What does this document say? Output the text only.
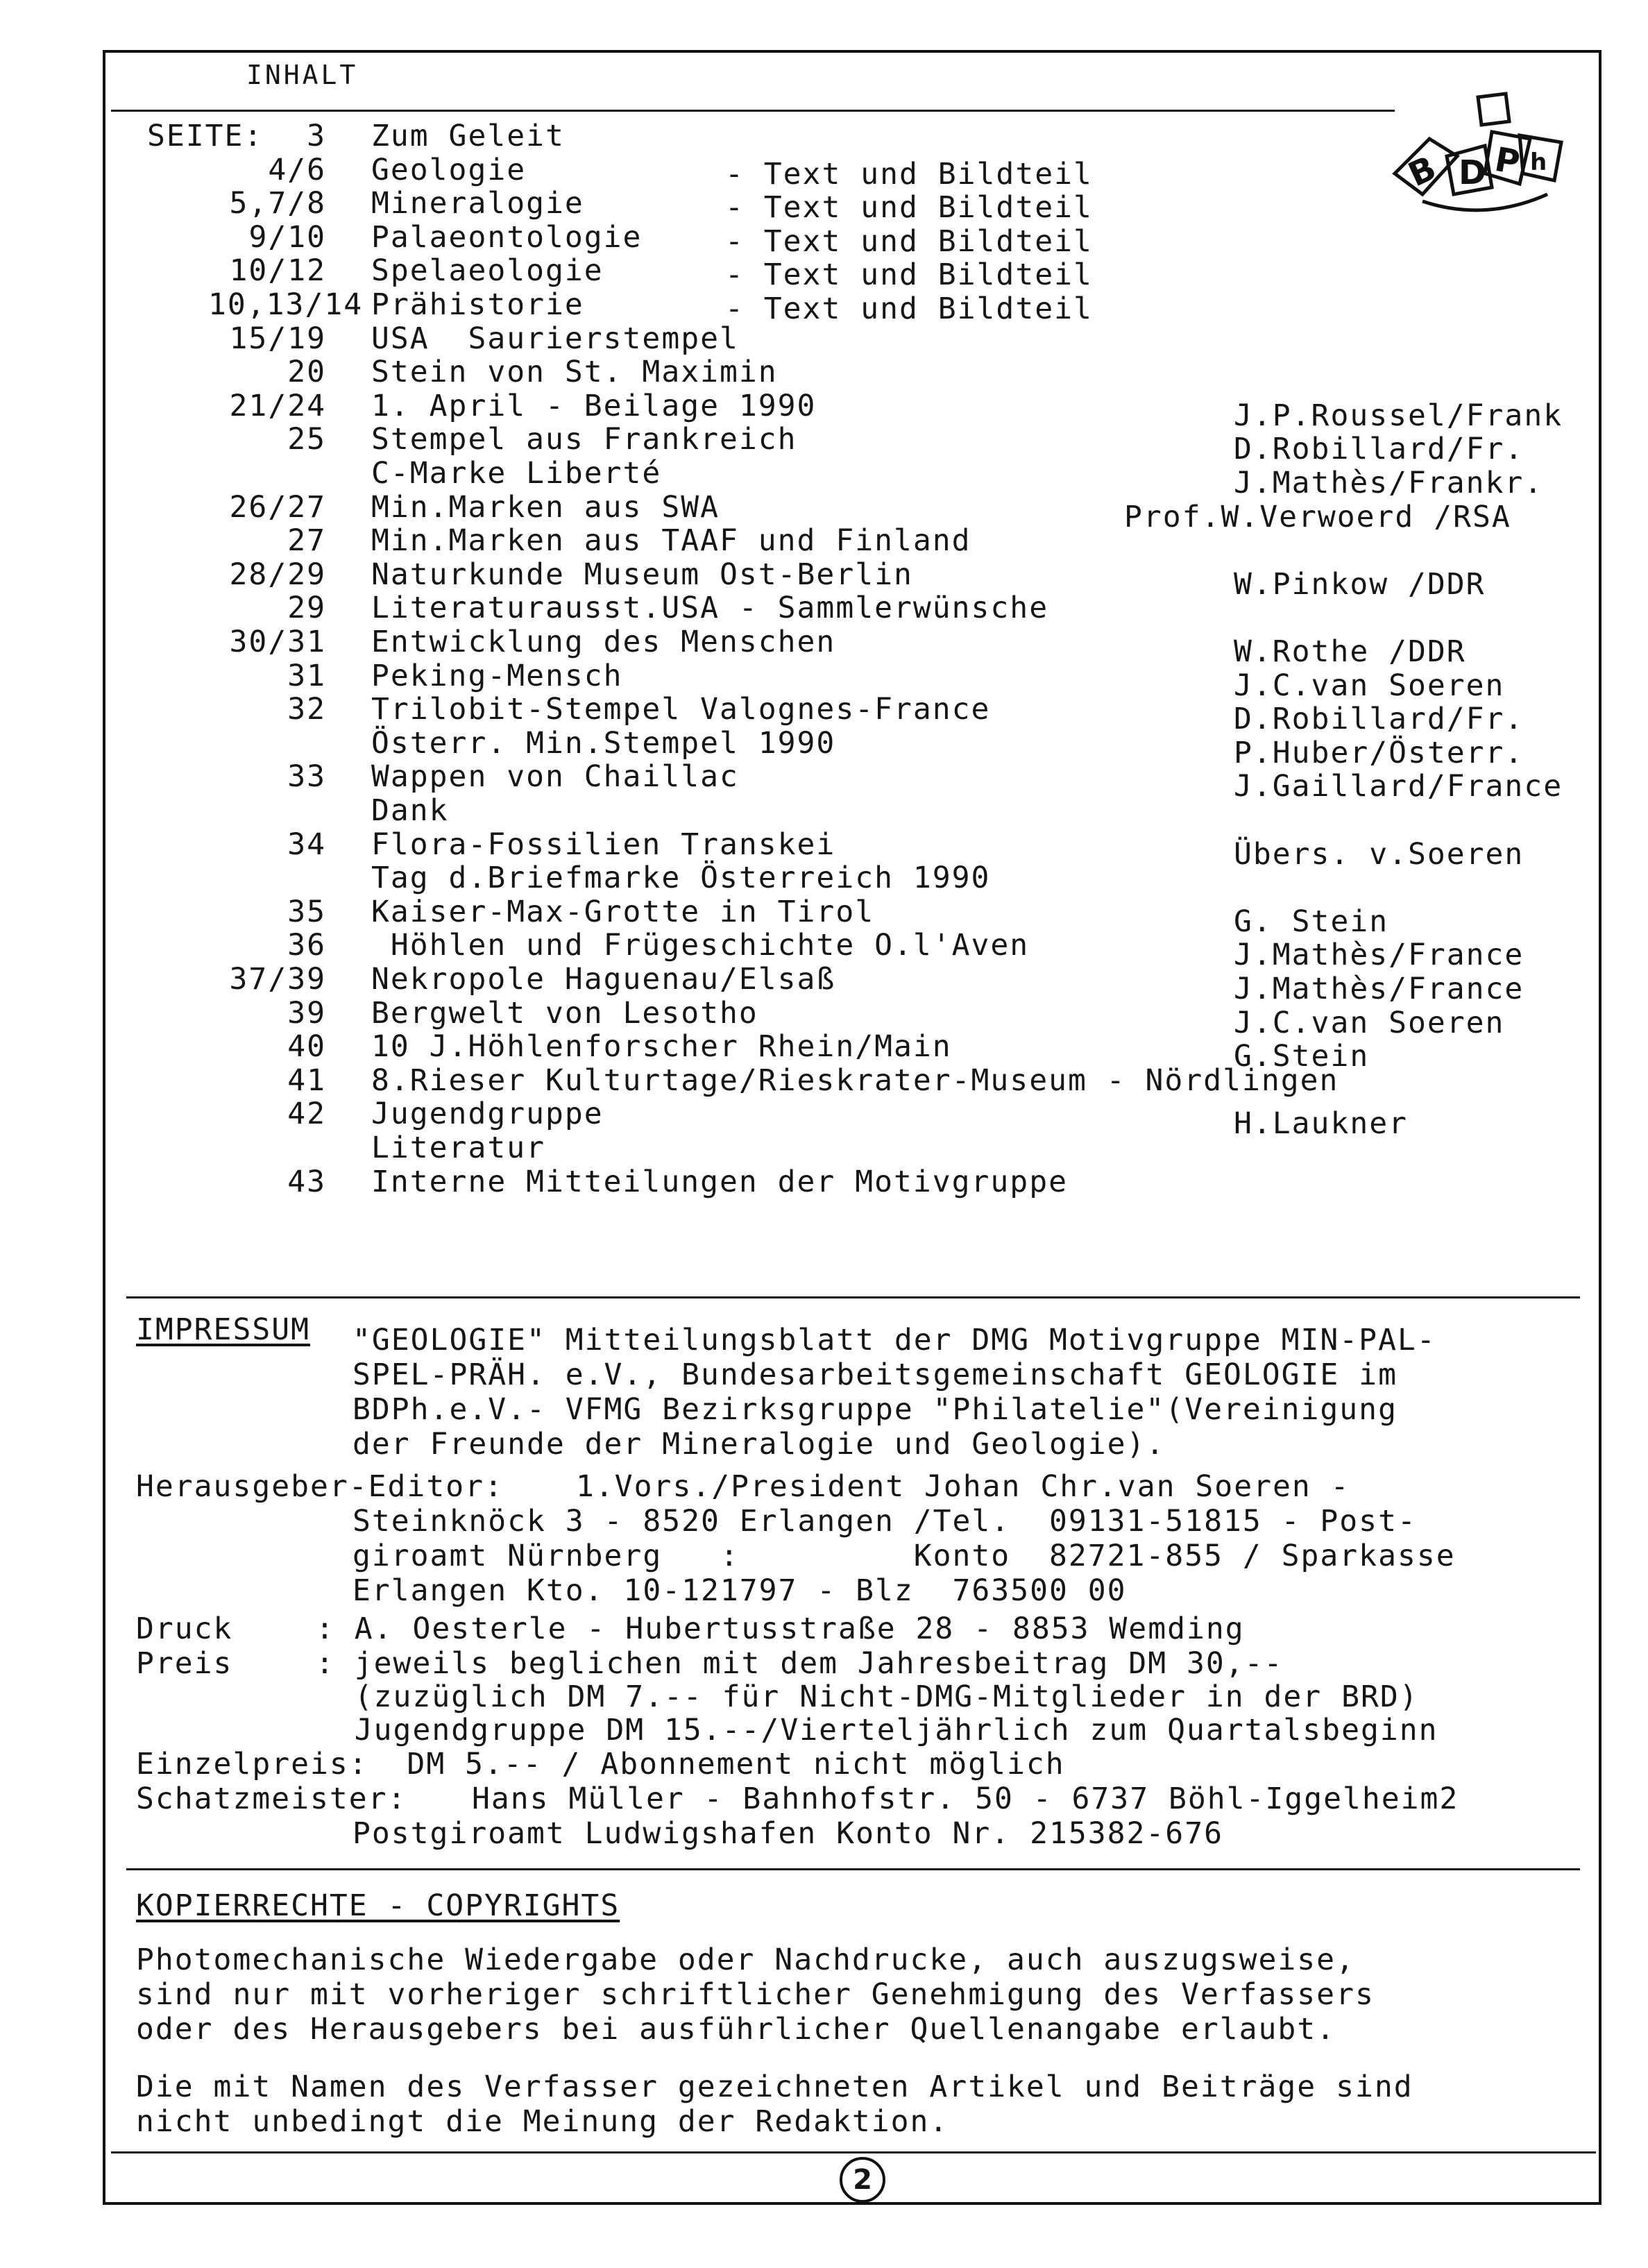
INHALT
B D P h
SEITE:	3 Zum Geleit
4/6 Geologie	- Text und Bildteil
5,7/8 Mineralogie	- Text und Bildteil
9/10 Palaeontologie	- Text und Bildteil
10/12 Spelaeologie	- Text und Bildteil
10,13/14 Prähistorie	- Text und Bildteil
15/19 USA  Saurierstempel
20 Stein von St. Maximin
21/24 1. April - Beilage 1990	J.P.Roussel/Frank
25 Stempel aus Frankreich	D.Robillard/Fr.
C-Marke Liberté	J.Mathès/Frankr.
26/27 Min.Marken aus SWA	Prof.W.Verwoerd /RSA
27 Min.Marken aus TAAF und Finland
28/29 Naturkunde Museum Ost-Berlin	W.Pinkow /DDR
29 Literaturausst.USA - Sammlerwünsche
30/31 Entwicklung des Menschen	W.Rothe /DDR
31 Peking-Mensch	J.C.van Soeren
32 Trilobit-Stempel Valognes-France	D.Robillard/Fr.
Österr. Min.Stempel 1990	P.Huber/Österr.
33 Wappen von Chaillac	J.Gaillard/France
Dank
34 Flora-Fossilien Transkei	Übers. v.Soeren
Tag d.Briefmarke Österreich 1990
35 Kaiser-Max-Grotte in Tirol	G. Stein
36 Höhlen und Frügeschichte O.l'Aven	J.Mathès/France
37/39 Nekropole Haguenau/Elsaß	J.Mathès/France
39 Bergwelt von Lesotho	J.C.van Soeren
40 10 J.Höhlenforscher Rhein/Main	G.Stein
41 8.Rieser Kulturtage/Rieskrater-Museum - Nördlingen
42 Jugendgruppe	H.Laukner
Literatur
43 Interne Mitteilungen der Motivgruppe
IMPRESSUM "GEOLOGIE" Mitteilungsblatt der DMG Motivgruppe MIN-PAL-
SPEL-PRÄH. e.V., Bundesarbeitsgemeinschaft GEOLOGIE im
BDPh.e.V.- VFMG Bezirksgruppe "Philatelie"(Vereinigung
der Freunde der Mineralogie und Geologie).
Herausgeber-Editor: 1.Vors./President Johan Chr.van Soeren -
Steinknöck 3 - 8520 Erlangen /Tel.  09131-51815 - Post-
giroamt Nürnberg   :         Konto  82721-855 / Sparkasse
Erlangen Kto. 10-121797 - Blz  763500 00
Druck	: A. Oesterle - Hubertusstraße 28 - 8853 Wemding
Preis	: jeweils beglichen mit dem Jahresbeitrag DM 30,--
(zuzüglich DM 7.-- für Nicht-DMG-Mitglieder in der BRD)
Jugendgruppe DM 15.--/Vierteljährlich zum Quartalsbeginn
Einzelpreis:  DM 5.-- / Abonnement nicht möglich
Schatzmeister: Hans Müller - Bahnhofstr. 50 - 6737 Böhl-Iggelheim2
Postgiroamt Ludwigshafen Konto Nr. 215382-676
KOPIERRECHTE - COPYRIGHTS
Photomechanische Wiedergabe oder Nachdrucke, auch auszugsweise,
sind nur mit vorheriger schriftlicher Genehmigung des Verfassers
oder des Herausgebers bei ausführlicher Quellenangabe erlaubt.
Die mit Namen des Verfasser gezeichneten Artikel und Beiträge sind
nicht unbedingt die Meinung der Redaktion.
2
